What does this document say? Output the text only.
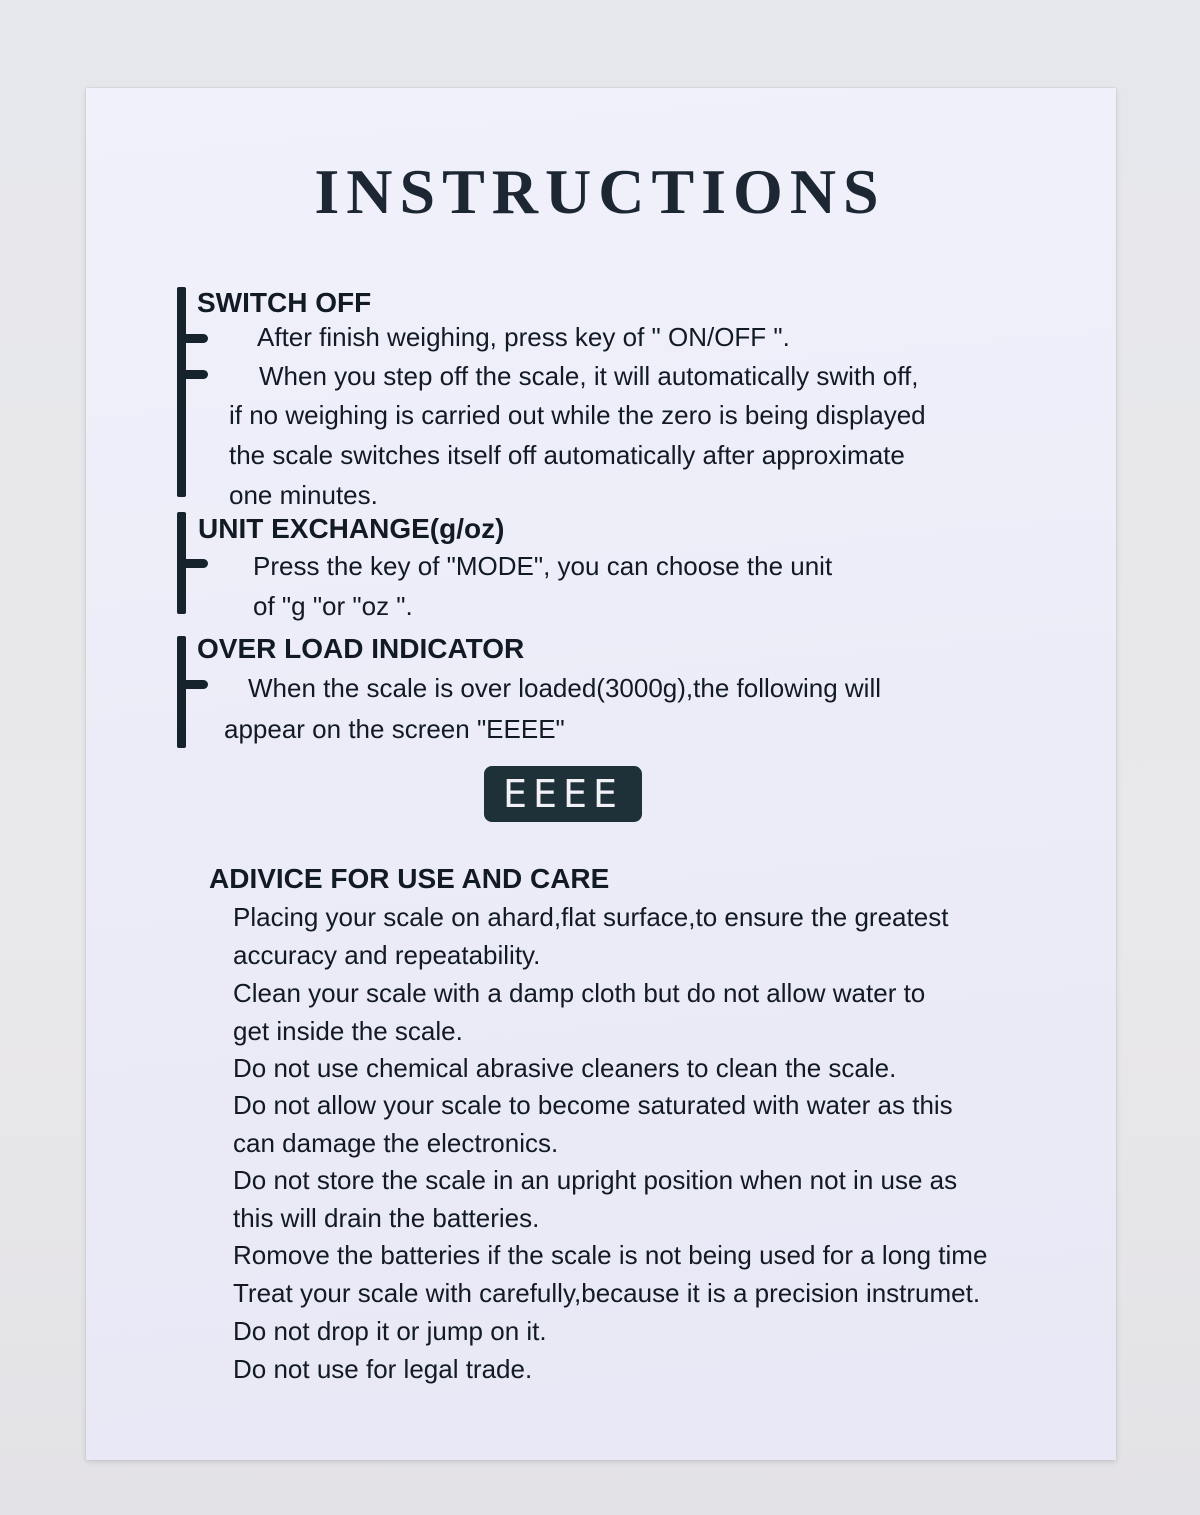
INSTRUCTIONS
SWITCH OFF

After finish weighing, press key of " ON/OFF ".

When you step off the scale, it will automatically swith off,

if no weighing is carried out while the zero is being displayed

the scale switches itself off automatically after approximate

one minutes.

UNIT EXCHANGE(g/oz)

Press the key of "MODE", you can choose the unit

of "g "or "oz ".

OVER LOAD INDICATOR

When the scale is over loaded(3000g),the following will

appear on the screen "EEEE"

EEEE
ADIVICE FOR USE AND CARE

Placing your scale on ahard,flat surface,to ensure the greatest

accuracy and repeatability.

Clean your scale with a damp cloth but do not allow water to

get inside the scale.

Do not use chemical abrasive cleaners to clean the scale.

Do not allow your scale to become saturated with water as this

can damage the electronics.

Do not store the scale in an upright position when not in use as

this will drain the batteries.

Romove the batteries if the scale is not being used for a long time

Treat your scale with carefully,because it is a precision instrumet.

Do not drop it or jump on it.

Do not use for legal trade.
